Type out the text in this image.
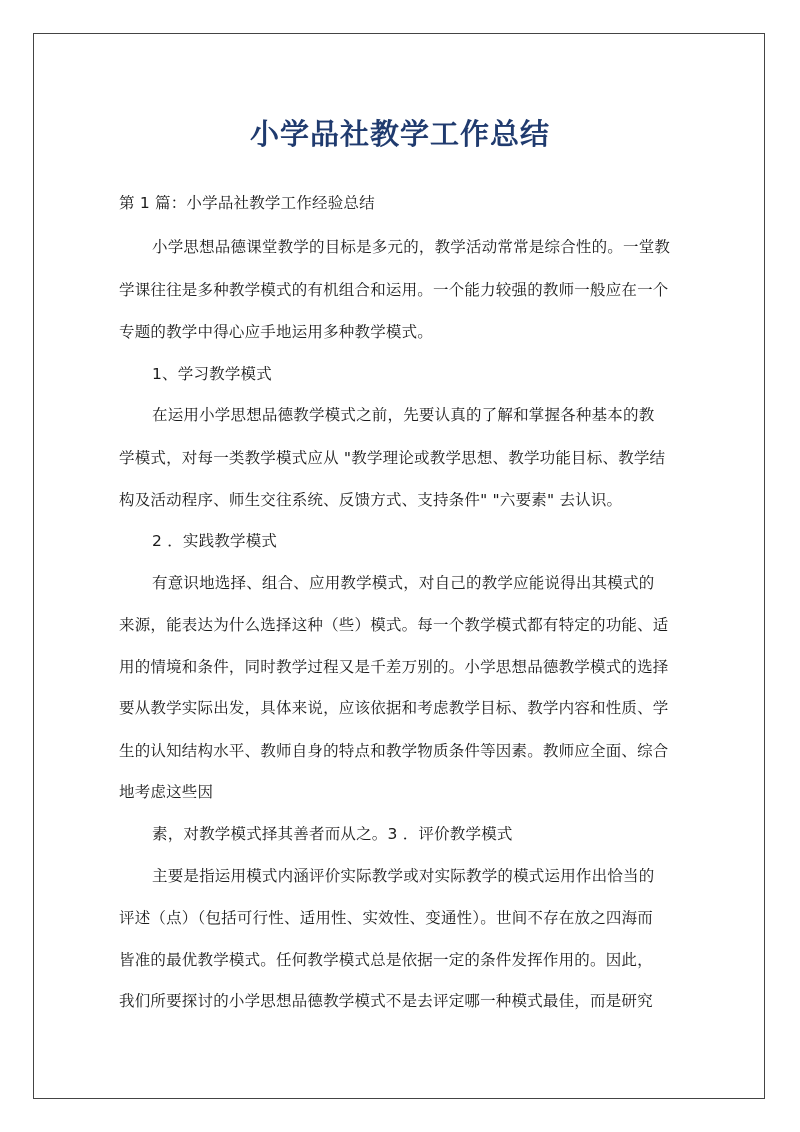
小学品社教学工作总结

第 1 篇：小学品社教学工作经验总结

小学思想品德课堂教学的目标是多元的，教学活动常常是综合性的。一堂教

学课往往是多种教学模式的有机组合和运用。一个能力较强的教师一般应在一个

专题的教学中得心应手地运用多种教学模式。

1、学习教学模式

在运用小学思想品德教学模式之前，先要认真的了解和掌握各种基本的教

学模式，对每一类教学模式应从 "教学理论或教学思想、教学功能目标、教学结

构及活动程序、师生交往系统、反馈方式、支持条件" "六要素" 去认识。

2 ．实践教学模式

有意识地选择、组合、应用教学模式，对自己的教学应能说得出其模式的

来源，能表达为什么选择这种（些）模式。每一个教学模式都有特定的功能、适

用的情境和条件，同时教学过程又是千差万别的。小学思想品德教学模式的选择

要从教学实际出发，具体来说，应该依据和考虑教学目标、教学内容和性质、学

生的认知结构水平、教师自身的特点和教学物质条件等因素。教师应全面、综合

地考虑这些因

素，对教学模式择其善者而从之。3 ．评价教学模式

主要是指运用模式内涵评价实际教学或对实际教学的模式运用作出恰当的

评述（点）（包括可行性、适用性、实效性、变通性）。世间不存在放之四海而

皆准的最优教学模式。任何教学模式总是依据一定的条件发挥作用的。因此，

我们所要探讨的小学思想品德教学模式不是去评定哪一种模式最佳，而是研究
